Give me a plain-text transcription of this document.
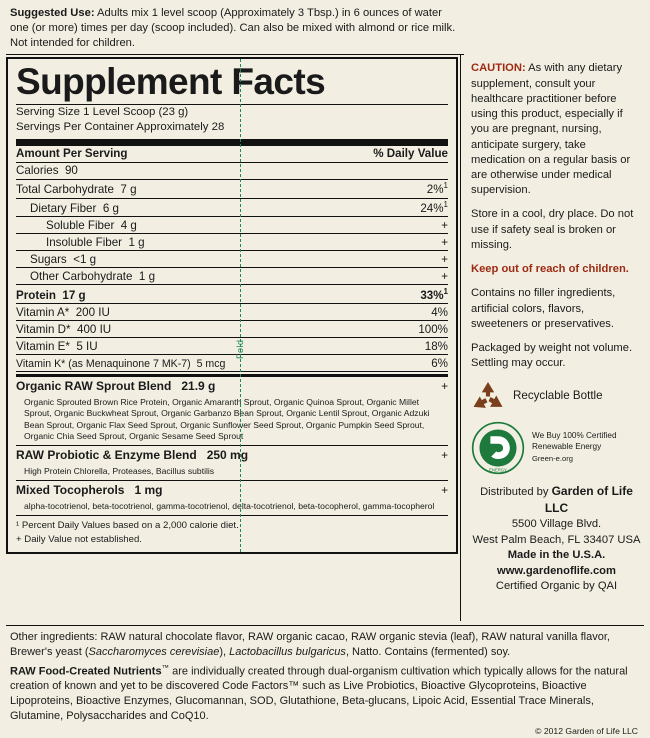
Suggested Use: Adults mix 1 level scoop (Approximately 3 Tbsp.) in 6 ounces of water one (or more) times per day (scoop included). Can also be mixed with almond or rice milk. Not intended for children.
Fold
Supplement Facts
Serving Size 1 Level Scoop (23 g)
Servings Per Container Approximately 28
Amount Per Serving	% Daily Value
Calories 90	
Total Carbohydrate 7 g	2%$^1$
Dietary Fiber 6 g	24%$^1$
Soluble Fiber 4 g	+
Insoluble Fiber 1 g	+
Sugars <1 g	+
Other Carbohydrate 1 g	+
Protein 17 g	33%$^1$
Vitamin A* 200 IU	4%
Vitamin D* 400 IU	100%
Vitamin E* 5 IU	18%
Vitamin K* (as Menaquinone 7 MK-7) 5 mcg	6%
Organic RAW Sprout Blend 21.9 g	+
Organic Sprouted Brown Rice Protein, Organic Amaranth Sprout, Organic Quinoa Sprout, Organic Millet Sprout, Organic Buckwheat Sprout, Organic Garbanzo Bean Sprout, Organic Lentil Sprout, Organic Adzuki Bean Sprout, Organic Flax Seed Sprout, Organic Sunflower Seed Sprout, Organic Pumpkin Seed Sprout, Organic Chia Seed Sprout, Organic Sesame Seed Sprout
RAW Probiotic & Enzyme Blend 250 mg	+
High Protein Chlorella, Proteases, Bacillus subtilis
Mixed Tocopherols 1 mg	+
alpha-tocotrienol, beta-tocotrienol, gamma-tocotrienol, delta-tocotrienol, beta-tocopherol, gamma-tocopherol
¹ Percent Daily Values based on a 2,000 calorie diet.
+ Daily Value not established.

CAUTION: As with any dietary supplement, consult your healthcare practitioner before using this product, especially if you are pregnant, nursing, anticipate surgery, take medication on a regular basis or are otherwise under medical supervision.

Store in a cool, dry place. Do not use if safety seal is broken or missing.

Keep out of reach of children.

Contains no filler ingredients, artificial colors, flavors, sweeteners or preservatives.

Packaged by weight not volume. Settling may occur.

Recyclable Bottle
ENERGY
We Buy 100% Certified
Renewable Energy
Green-e.org
Distributed by Garden of Life LLC
5500 Village Blvd.
West Palm Beach, FL 33407 USA
Made in the U.S.A.
www.gardenoflife.com
Certified Organic by QAI

Other ingredients: RAW natural chocolate flavor, RAW organic cacao, RAW organic stevia (leaf), RAW natural vanilla flavor, Brewer's yeast (Saccharomyces cerevisiae), Lactobacillus bulgaricus, Natto. Contains (fermented) soy.

RAW Food-Created Nutrients™ are individually created through dual-organism cultivation which typically allows for the natural creation of known and yet to be discovered Code Factors™ such as Live Probiotics, Bioactive Glycoproteins, Bioactive Lipoproteins, Bioactive Enzymes, Glucomannan, SOD, Glutathione, Beta-glucans, Lipoic Acid, Essential Trace Minerals, Glutamine, Polysaccharides and CoQ10.

© 2012 Garden of Life LLC
